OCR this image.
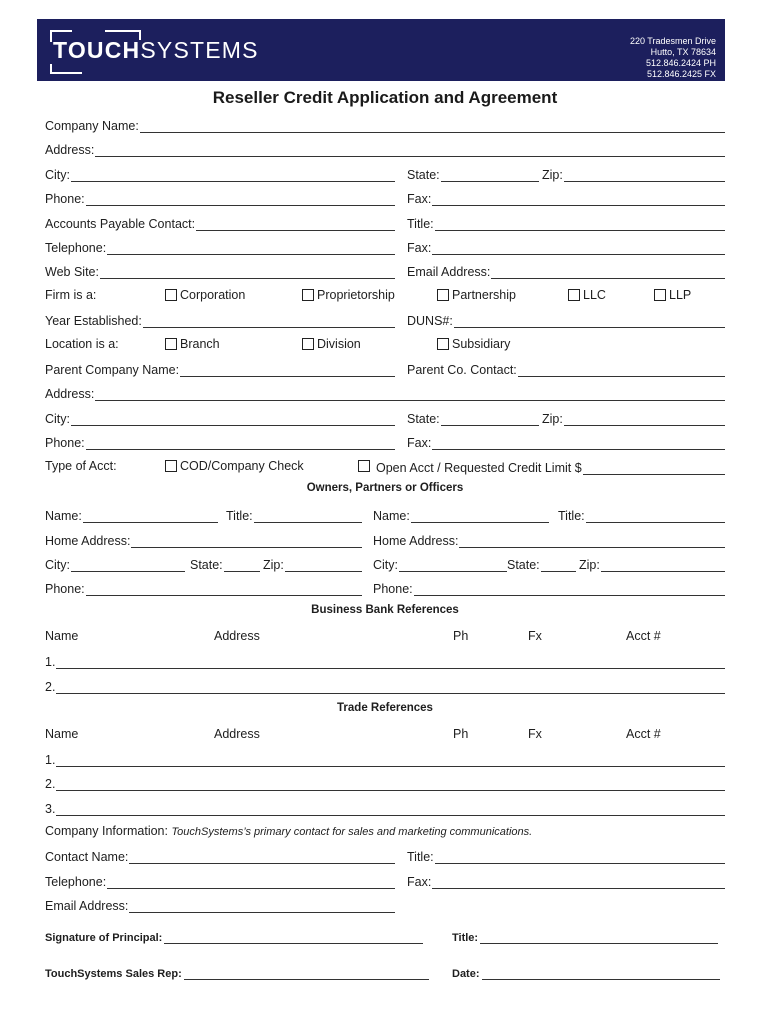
TOUCHSYSTEMS	220 Tradesmen Drive
Hutto, TX 78634
512.846.2424 PH
512.846.2425 FX
Reseller Credit Application and Agreement
Company Name:
Address:
City:	State:	Zip:
Phone:	Fax:
Accounts Payable Contact:	Title:
Telephone:	Fax:
Web Site:	Email Address:
Firm is a:	Corporation	Proprietorship	Partnership	LLC	LLP
Year Established:	DUNS#:
Location is a:	Branch	Division	Subsidiary
Parent Company Name:	Parent Co. Contact:
Address:
City:	State:	Zip:
Phone:	Fax:
Type of Acct:	COD/Company Check	Open Acct / Requested Credit Limit $
Owners, Partners or Officers
Name:	Title:	Name:	Title:
Home Address:	Home Address:
City:	State:	Zip:	City:	State:	Zip:
Phone:	Phone:
Business Bank References
Name	Address	Ph	Fx	Acct #
1.
2.
Trade References
Name	Address	Ph	Fx	Acct #
1.
2.
3.
Company Information: TouchSystems’s primary contact for sales and marketing communications.
Contact Name:	Title:
Telephone:	Fax:
Email Address:
Signature of Principal:	Title:
TouchSystems Sales Rep:	Date:
